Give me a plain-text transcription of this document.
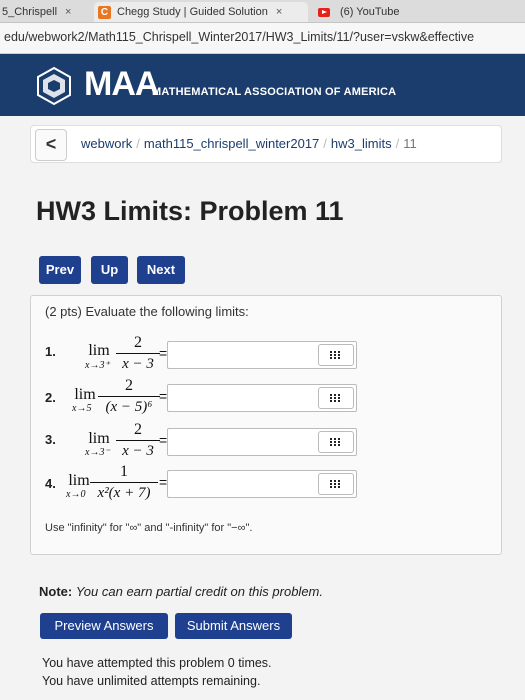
5_Chrispell ×	C Chegg Study | Guided Solution ×	(6) YouTube
edu/webwork2/Math115_Chrispell_Winter2017/HW3_Limits/11/?user=vskw&effective
MAA
MATHEMATICAL ASSOCIATION OF AMERICA
<	webwork / math115_chrispell_winter2017 / hw3_limits / 11
HW3 Limits: Problem 11
Prev	Up	Next
(2 pts) Evaluate the following limits:
1. lim
x→3⁺
2
x − 3
=
2. lim
x→5
2
(x − 5)⁶
=
3. lim
x→3⁻
2
x − 3
=
4. lim
x→0
1
x²(x + 7)
=
Use "infinity" for "∞" and "-infinity" for "−∞".
Note: You can earn partial credit on this problem.
Preview Answers	Submit Answers
You have attempted this problem 0 times.
You have unlimited attempts remaining.
